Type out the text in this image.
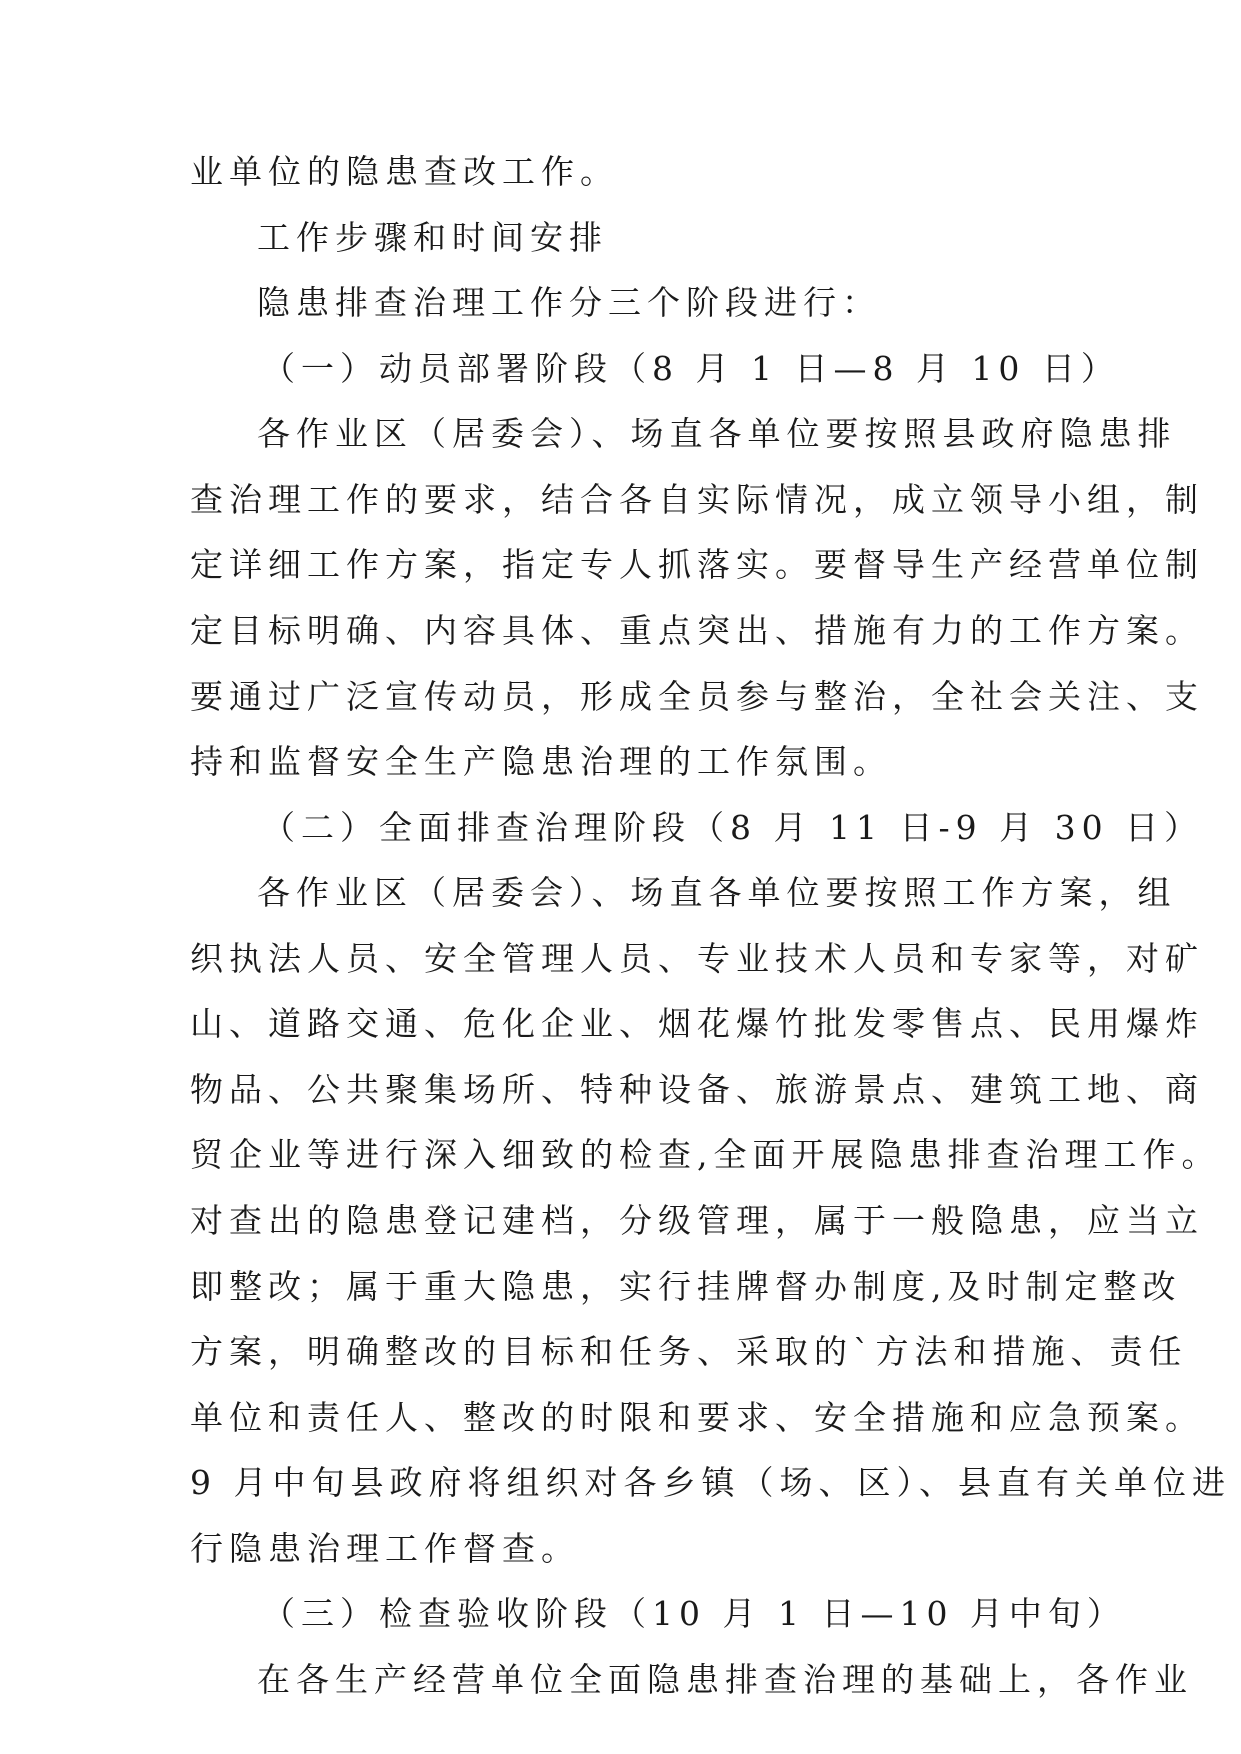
业单位的隐患查改工作。
工作步骤和时间安排
隐患排查治理工作分三个阶段进行：
（一）动员部署阶段（8 月 1 日—8 月 10 日）
各作业区（居委会）、场直各单位要按照县政府隐患排
查治理工作的要求，结合各自实际情况，成立领导小组，制
定详细工作方案，指定专人抓落实。要督导生产经营单位制
定目标明确、内容具体、重点突出、措施有力的工作方案。
要通过广泛宣传动员，形成全员参与整治，全社会关注、支
持和监督安全生产隐患治理的工作氛围。
（二）全面排查治理阶段（8 月 11 日-9 月 30 日）
各作业区（居委会）、场直各单位要按照工作方案，组
织执法人员、安全管理人员、专业技术人员和专家等，对矿
山、道路交通、危化企业、烟花爆竹批发零售点、民用爆炸
物品、公共聚集场所、特种设备、旅游景点、建筑工地、商
贸企业等进行深入细致的检查,全面开展隐患排查治理工作。
对查出的隐患登记建档，分级管理，属于一般隐患，应当立
即整改；属于重大隐患，实行挂牌督办制度,及时制定整改
方案，明确整改的目标和任务、采取的`方法和措施、责任
单位和责任人、整改的时限和要求、安全措施和应急预案。
9 月中旬县政府将组织对各乡镇（场、区）、县直有关单位进
行隐患治理工作督查。
（三）检查验收阶段（10 月 1 日—10 月中旬）
在各生产经营单位全面隐患排查治理的基础上，各作业
